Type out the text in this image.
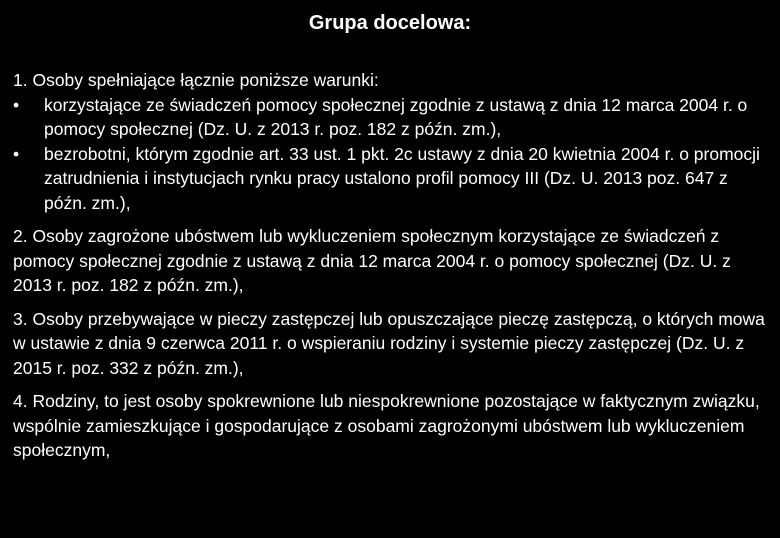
Grupa docelowa:

1. Osoby spełniające łącznie poniższe warunki:

• korzystające ze świadczeń pomocy społecznej zgodnie z ustawą z dnia 12 marca 2004 r. o pomocy społecznej (Dz. U. z 2013 r. poz. 182 z późn. zm.),
• bezrobotni, którym zgodnie art. 33 ust. 1 pkt. 2c ustawy z dnia 20 kwietnia 2004 r. o promocji zatrudnienia i instytucjach rynku pracy ustalono profil pomocy III (Dz. U. 2013 poz. 647 z późn. zm.),

2. Osoby zagrożone ubóstwem lub wykluczeniem społecznym korzystające ze świadczeń z pomocy społecznej zgodnie z ustawą z dnia 12 marca 2004 r. o pomocy społecznej (Dz. U. z 2013 r. poz. 182 z późn. zm.),

3. Osoby przebywające w pieczy zastępczej lub opuszczające pieczę zastępczą, o których mowa w ustawie z dnia 9 czerwca 2011 r. o wspieraniu rodziny i systemie pieczy zastępczej (Dz. U. z 2015 r. poz. 332 z późn. zm.),

4. Rodziny, to jest osoby spokrewnione lub niespokrewnione pozostające w faktycznym związku, wspólnie zamieszkujące i gospodarujące z osobami zagrożonymi ubóstwem lub wykluczeniem społecznym,
